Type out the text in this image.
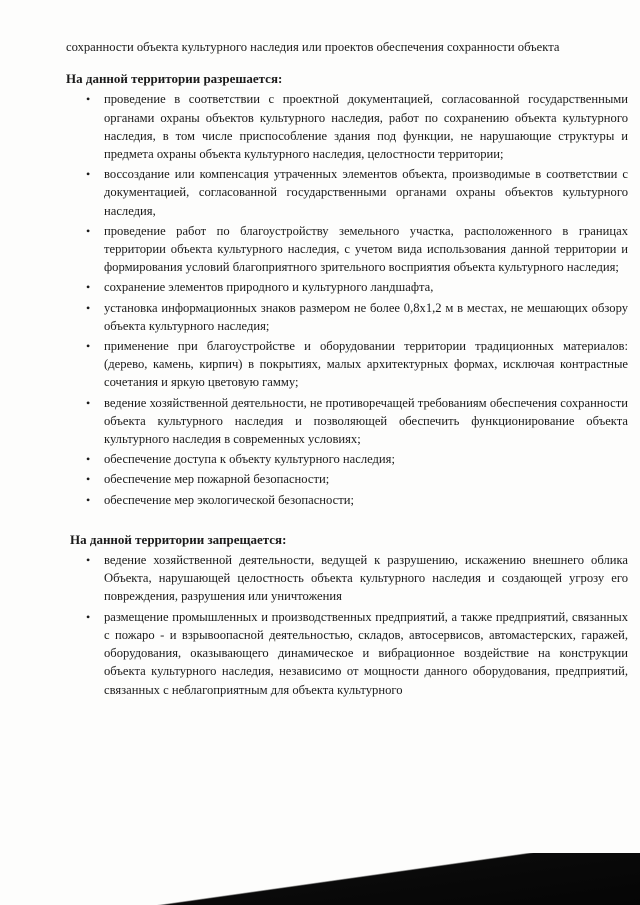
сохранности объекта культурного наследия или проектов обеспечения сохранности объекта

На данной территории разрешается:
• проведение в соответствии с проектной документацией, согласованной государственными органами охраны объектов культурного наследия, работ по сохранению объекта культурного наследия, в том числе приспособление здания под функции, не нарушающие структуры и предмета охраны объекта культурного наследия, целостности территории;
• воссоздание или компенсация утраченных элементов объекта, производимые в соответствии с документацией, согласованной государственными органами охраны объектов культурного наследия,
• проведение работ по благоустройству земельного участка, расположенного в границах территории объекта культурного наследия, с учетом вида использования данной территории и формирования условий благоприятного зрительного восприятия объекта культурного наследия;
• сохранение элементов природного и культурного ландшафта,
• установка информационных знаков размером не более 0,8х1,2 м в местах, не мешающих обзору объекта культурного наследия;
• применение при благоустройстве и оборудовании территории традиционных материалов: (дерево, камень, кирпич) в покрытиях, малых архитектурных формах, исключая контрастные сочетания и яркую цветовую гамму;
• ведение хозяйственной деятельности, не противоречащей требованиям обеспечения сохранности объекта культурного наследия и позволяющей обеспечить функционирование объекта культурного наследия в современных условиях;
• обеспечение доступа к объекту культурного наследия;
• обеспечение мер пожарной безопасности;
• обеспечение мер экологической безопасности;
На данной территории запрещается:
• ведение хозяйственной деятельности, ведущей к разрушению, искажению внешнего облика Объекта, нарушающей целостность объекта культурного наследия и создающей угрозу его повреждения, разрушения или уничтожения
• размещение промышленных и производственных предприятий, а также предприятий, связанных с пожаро - и взрывоопасной деятельностью, складов, автосервисов, автомастерских, гаражей, оборудования, оказывающего динамическое и вибрационное воздействие на конструкции объекта культурного наследия, независимо от мощности данного оборудования, предприятий, связанных с неблагоприятным для объекта культурного
